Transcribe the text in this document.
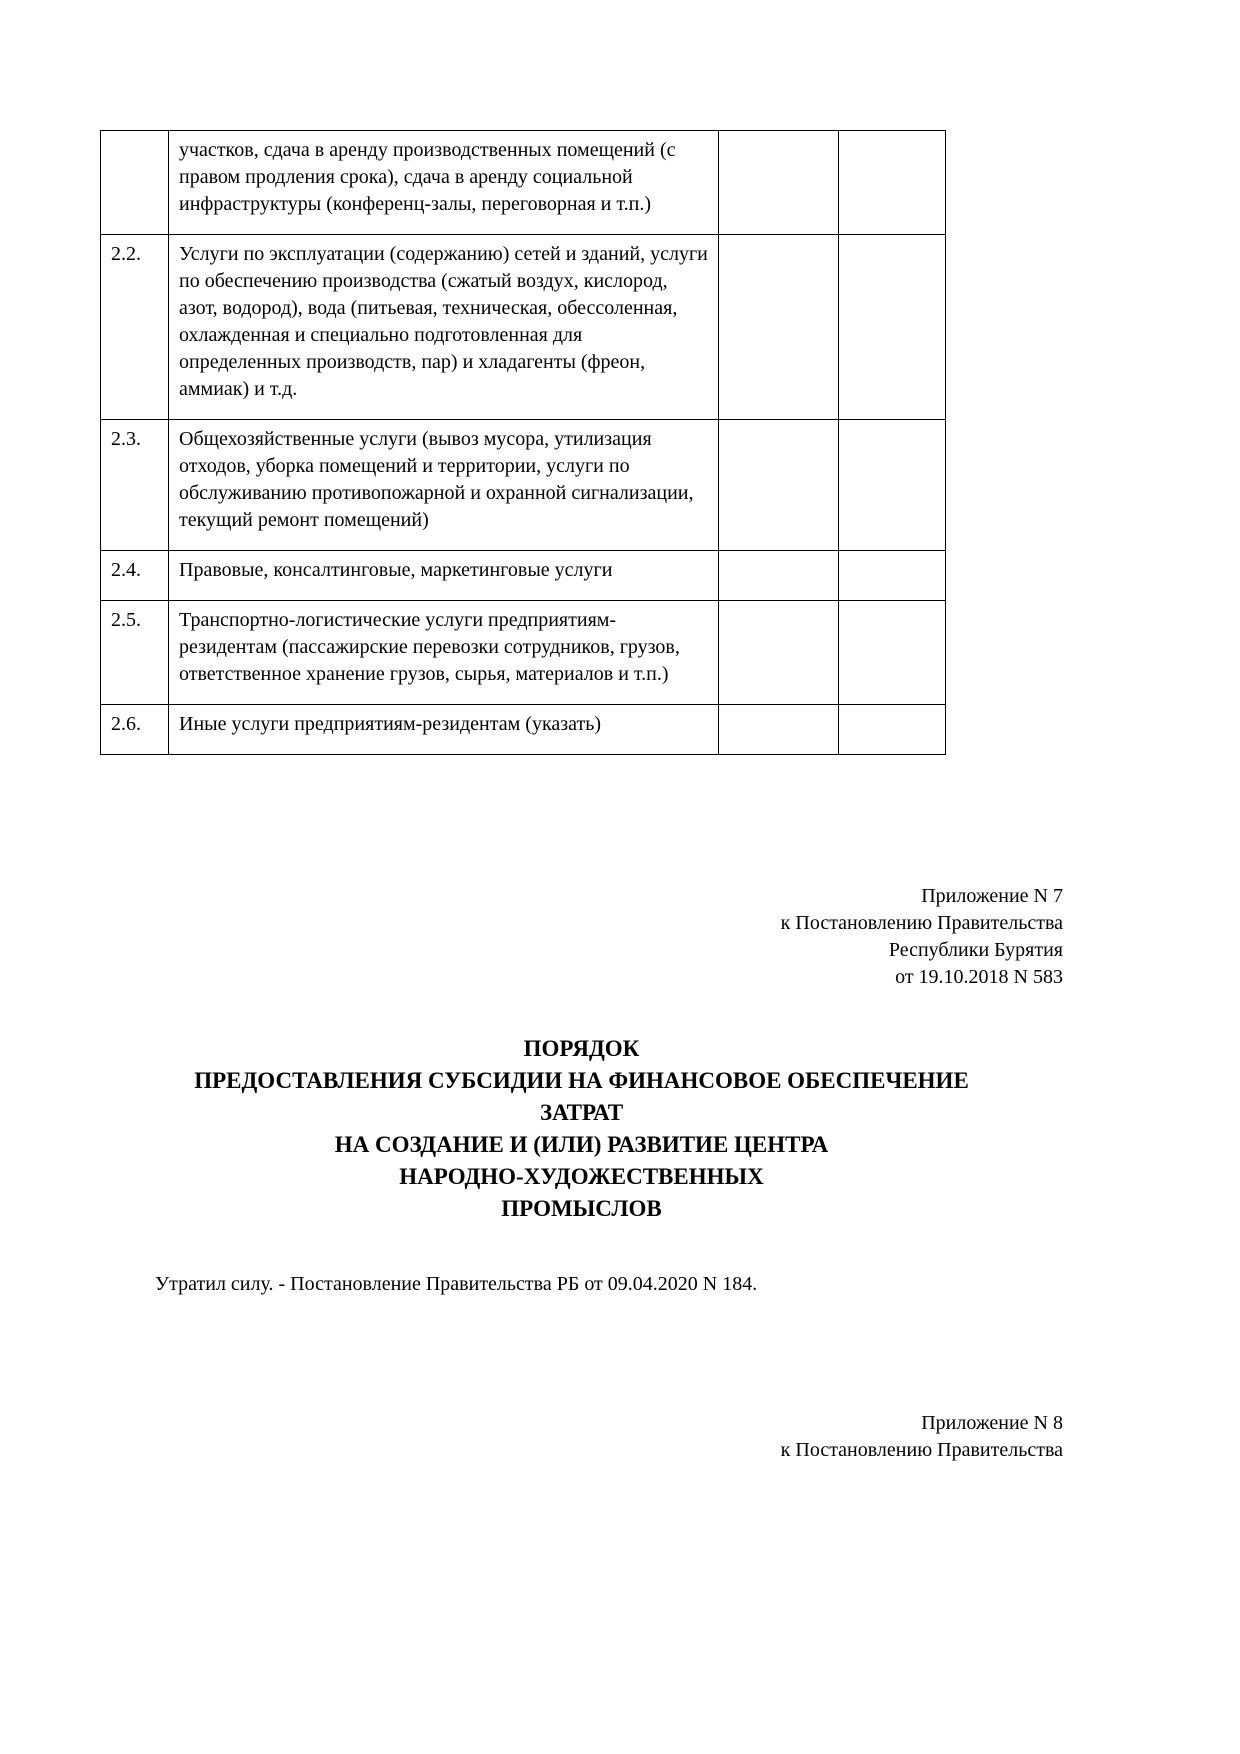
	участков, сдача в аренду производственных помещений (с правом продления срока), сдача в аренду социальной инфраструктуры (конференц-залы, переговорная и т.п.)		
2.2.	Услуги по эксплуатации (содержанию) сетей и зданий, услуги по обеспечению производства (сжатый воздух, кислород, азот, водород), вода (питьевая, техническая, обессоленная, охлажденная и специально подготовленная для определенных производств, пар) и хладагенты (фреон, аммиак) и т.д.		
2.3.	Общехозяйственные услуги (вывоз мусора, утилизация отходов, уборка помещений и территории, услуги по обслуживанию противопожарной и охранной сигнализации, текущий ремонт помещений)		
2.4.	Правовые, консалтинговые, маркетинговые услуги		
2.5.	Транспортно-логистические услуги предприятиям-резидентам (пассажирские перевозки сотрудников, грузов, ответственное хранение грузов, сырья, материалов и т.п.)		
2.6.	Иные услуги предприятиям-резидентам (указать)		
Приложение N 7
к Постановлению Правительства
Республики Бурятия
от 19.10.2018 N 583
ПОРЯДОК
ПРЕДОСТАВЛЕНИЯ СУБСИДИИ НА ФИНАНСОВОЕ ОБЕСПЕЧЕНИЕ
ЗАТРАТ
НА СОЗДАНИЕ И (ИЛИ) РАЗВИТИЕ ЦЕНТРА
НАРОДНО-ХУДОЖЕСТВЕННЫХ
ПРОМЫСЛОВ

Утратил силу. - Постановление Правительства РБ от 09.04.2020 N 184.

Приложение N 8
к Постановлению Правительства
